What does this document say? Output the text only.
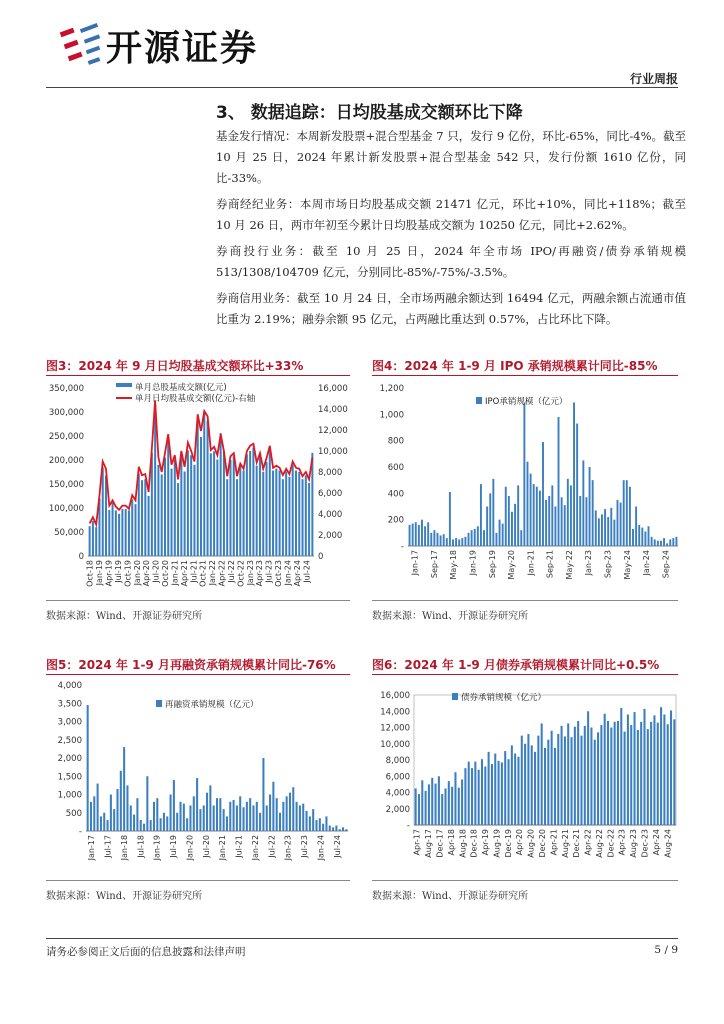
开源证券
行业周报
3、 数据追踪：日均股基成交额环比下降
基金发行情况：本周新发股票+混合型基金 7 只，发行 9 亿份，环比-65%，同比-4%。截至 10 月 25 日，2024 年累计新发股票+混合型基金 542 只，发行份额 1610 亿份，同比-33%。
券商经纪业务：本周市场日均股基成交额 21471 亿元，环比+10%，同比+118%；截至 10 月 26 日，两市年初至今累计日均股基成交额为 10250 亿元，同比+2.62%。
券商投行业务：截至 10 月 25 日，2024 年全市场 IPO/再融资/债券承销规模 513/1308/104709 亿元，分别同比-85%/-75%/-3.5%。
券商信用业务：截至 10 月 24 日，全市场两融余额达到 16494 亿元，两融余额占流通市值比重为 2.19%；融券余额 95 亿元，占两融比重达到 0.57%，占比环比下降。
图3：2024 年 9 月日均股基成交额环比+33%
350,000
300,000
250,000
200,000
150,000
100,000
50,000
0
16,000
14,000
12,000
10,000
8,000
6,000
4,000
2,000
0
Oct-18 Jan-19 Apr-19 Jul-19 Oct-19 Jan-20 Apr-20 Jul-20 Oct-20 Jan-21 Apr-21 Jul-21 Oct-21 Jan-22 Apr-22 Jul-22 Oct-22 Jan-23 Apr-23 Jul-23 Oct-23 Jan-24 Apr-24 Jul-24
单月总股基成交额(亿元)
单月日均股基成交额(亿元)-右轴
数据来源：Wind、开源证券研究所
图4：2024 年 1-9 月 IPO 承销规模累计同比-85%
1,200
1,000
800
600
400
200
-
Jan-17 Sep-17 May-18 Jan-19 Sep-19 May-20 Jan-21 Sep-21 May-22 Jan-23 Sep-23 May-24 Jan-24 Sep-24
IPO承销规模（亿元）
数据来源：Wind、开源证券研究所
图5：2024 年 1-9 月再融资承销规模累计同比-76%
4,000
3,500
3,000
2,500
2,000
1,500
1,000
500
-
Jan-17 Jul-17 Jan-18 Jul-18 Jan-19 Jul-19 Jan-20 Jul-20 Jan-21 Jul-21 Jan-22 Jul-22 Jan-23 Jul-23 Jan-24 Jul-24
再融资承销规模（亿元）
数据来源：Wind、开源证券研究所
图6：2024 年 1-9 月债券承销规模累计同比+0.5%
16,000
14,000
12,000
10,000
8,000
6,000
4,000
2,000
-
Apr-17 Aug-17 Dec-17 Apr-18 Aug-18 Dec-18 Apr-19 Aug-19 Dec-19 Apr-20 Aug-20 Dec-20 Apr-21 Aug-21 Dec-21 Apr-22 Aug-22 Dec-22 Apr-23 Aug-23 Dec-23 Apr-24 Aug-24
债券承销规模（亿元）
数据来源：Wind、开源证券研究所
请务必参阅正文后面的信息披露和法律声明	5 / 9
